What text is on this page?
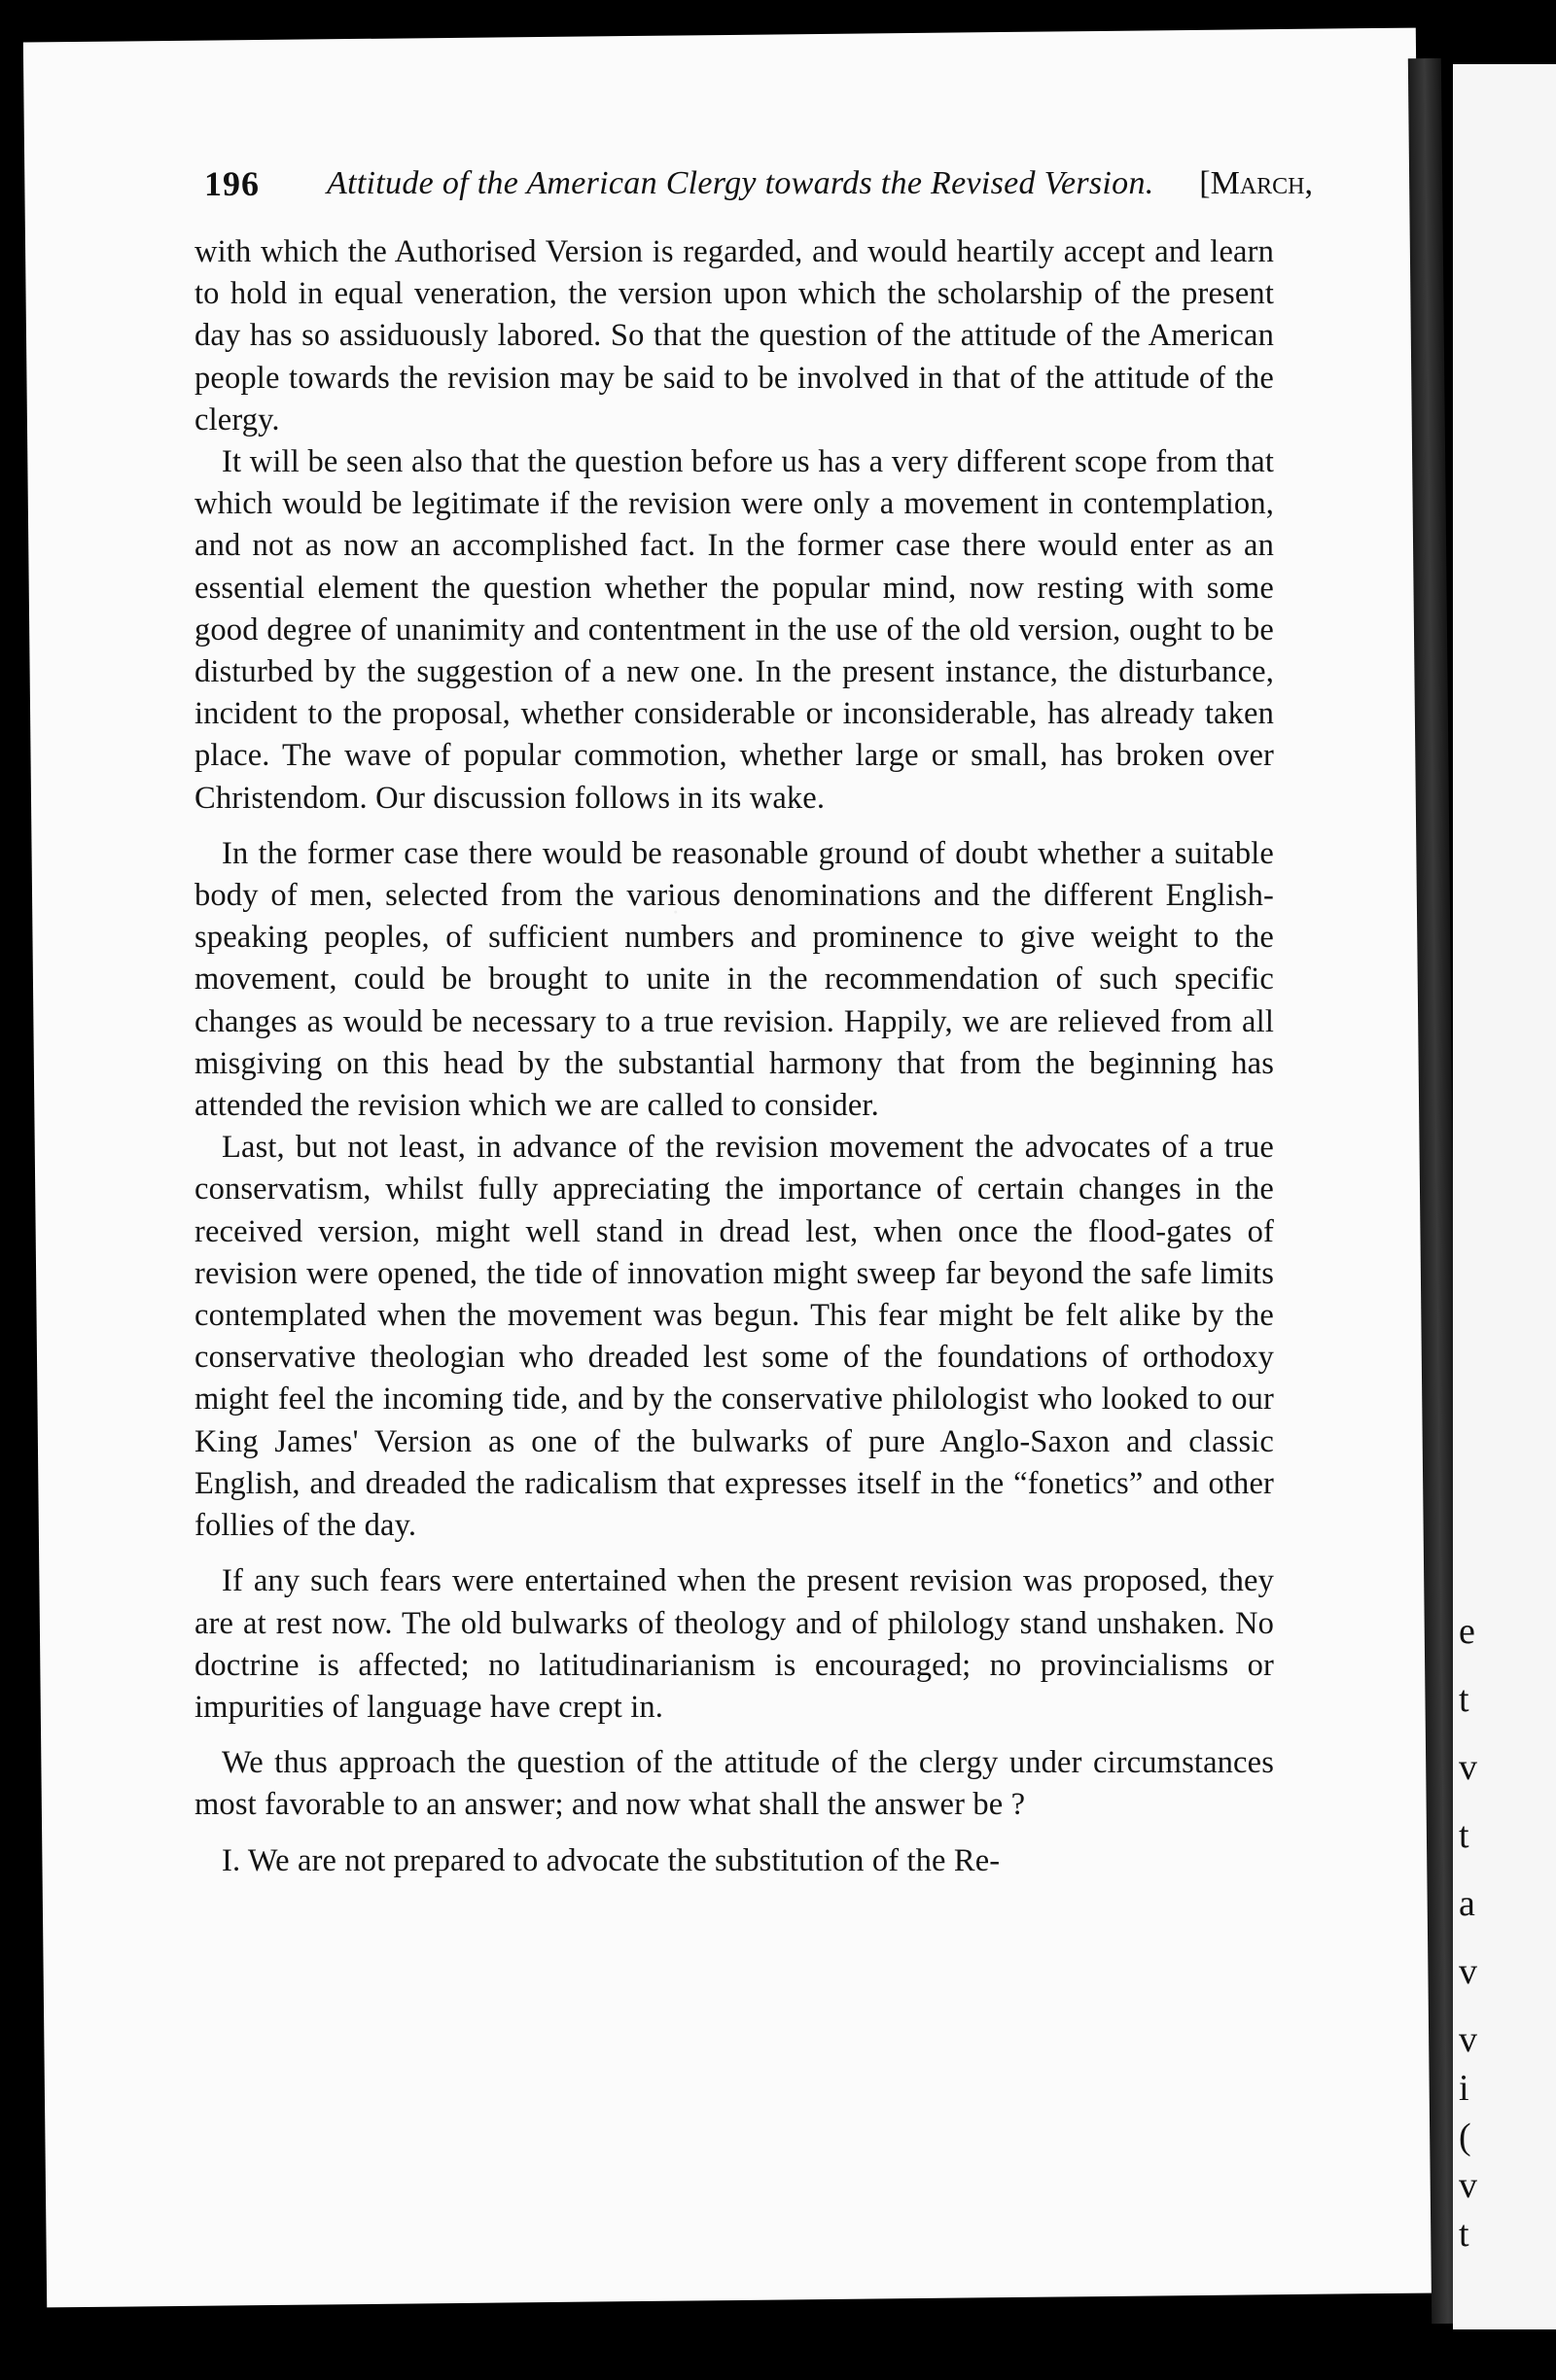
e
t
v
t
a
v
v
i
(
v
t
196 Attitude of the American Clergy towards the Revised Version. [March,

with which the Authorised Version is regarded, and would heartily accept and learn to hold in equal veneration, the version upon which the scholarship of the present day has so assiduously labored. So that the question of the attitude of the American people towards the revision may be said to be involved in that of the attitude of the clergy.

It will be seen also that the question before us has a very different scope from that which would be legitimate if the revision were only a movement in contemplation, and not as now an accomplished fact. In the former case there would enter as an essential element the question whether the popular mind, now resting with some good degree of unanimity and contentment in the use of the old version, ought to be disturbed by the suggestion of a new one. In the present instance, the disturbance, incident to the proposal, whether considerable or inconsiderable, has already taken place. The wave of popular commotion, whether large or small, has broken over Christendom. Our discussion follows in its wake.

In the former case there would be reasonable ground of doubt whether a suitable body of men, selected from the various denominations and the different English-speaking peoples, of sufficient numbers and prominence to give weight to the movement, could be brought to unite in the recommendation of such specific changes as would be necessary to a true revision. Happily, we are relieved from all misgiving on this head by the substantial harmony that from the beginning has attended the revision which we are called to consider.

Last, but not least, in advance of the revision movement the advocates of a true conservatism, whilst fully appreciating the importance of certain changes in the received version, might well stand in dread lest, when once the flood-gates of revision were opened, the tide of innovation might sweep far beyond the safe limits contemplated when the movement was begun. This fear might be felt alike by the conservative theologian who dreaded lest some of the foundations of orthodoxy might feel the incoming tide, and by the conservative philologist who looked to our King James' Version as one of the bulwarks of pure Anglo-Saxon and classic English, and dreaded the radicalism that expresses itself in the “fonetics” and other follies of the day.

If any such fears were entertained when the present revision was proposed, they are at rest now. The old bulwarks of theology and of philology stand unshaken. No doctrine is affected; no latitudinarianism is encouraged; no provincialisms or impurities of language have crept in.

We thus approach the question of the attitude of the clergy under circumstances most favorable to an answer; and now what shall the answer be ?

I. We are not prepared to advocate the substitution of the Re-
